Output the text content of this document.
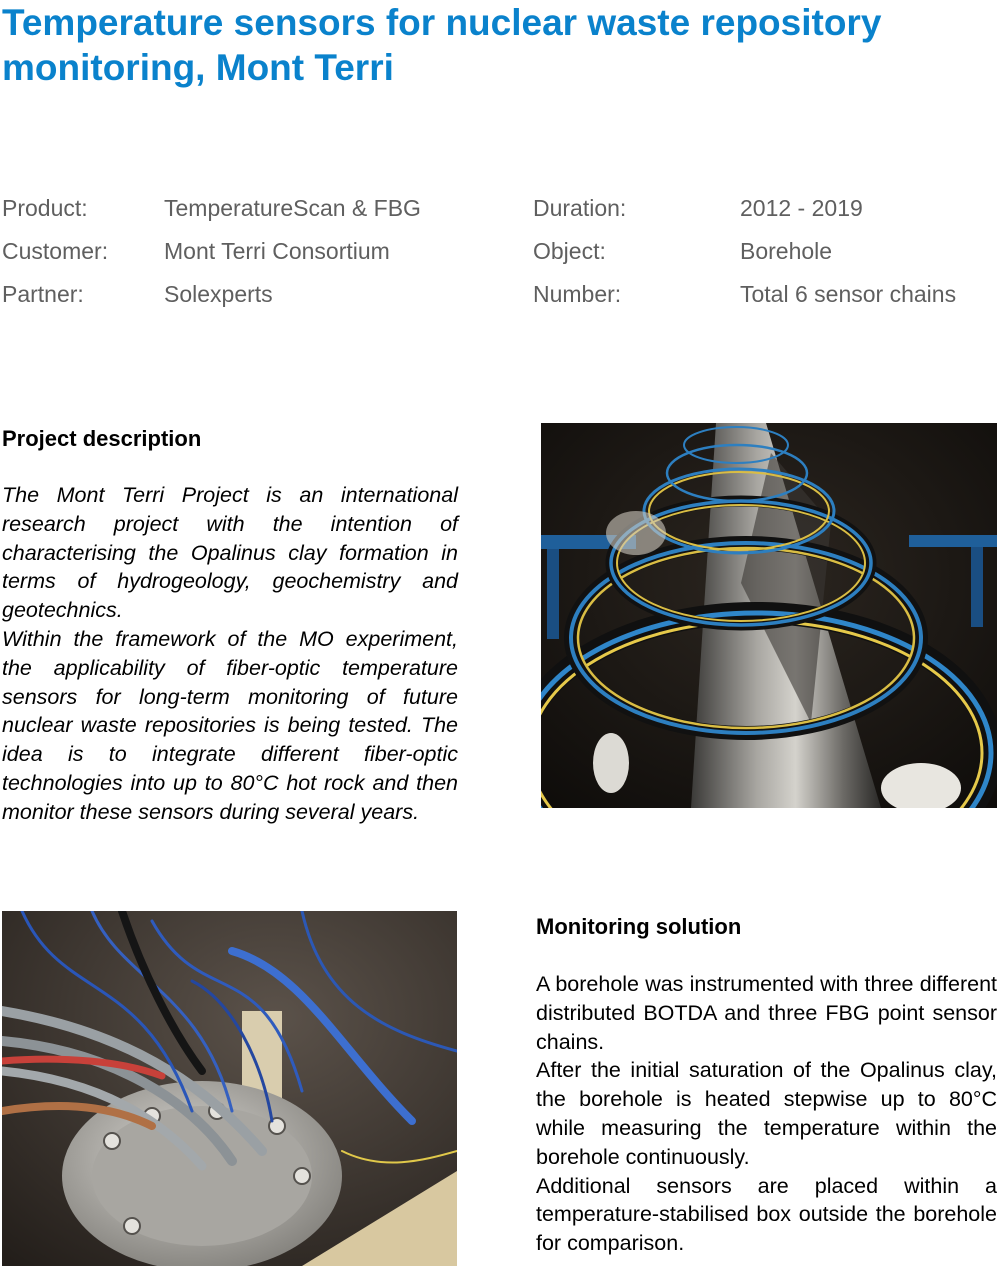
Temperature sensors for nuclear waste repository monitoring, Mont Terri
Product:	TemperatureScan & FBG	Duration:	2012 - 2019
Customer: Mont Terri Consortium	Object:	Borehole
Partner:	Solexperts	Number:	Total 6 sensor chains
Project description

The Mont Terri Project is an international research project with the intention of characterising the Opalinus clay formation in terms of hydrogeology, geochemistry and geotechnics.

Within the framework of the MO experiment, the applicability of fiber-optic temperature sensors for long-term monitoring of future nuclear waste repositories is being tested. The idea is to integrate different fiber-optic technologies into up to 80°C hot rock and then monitor these sensors during several years.

Monitoring solution

A borehole was instrumented with three different distributed BOTDA and three FBG point sensor chains.

After the initial saturation of the Opalinus clay, the borehole is heated stepwise up to 80°C while measuring the temperature within the borehole continuously.

Additional sensors are placed within a temperature-stabilised box outside the borehole for comparison.
